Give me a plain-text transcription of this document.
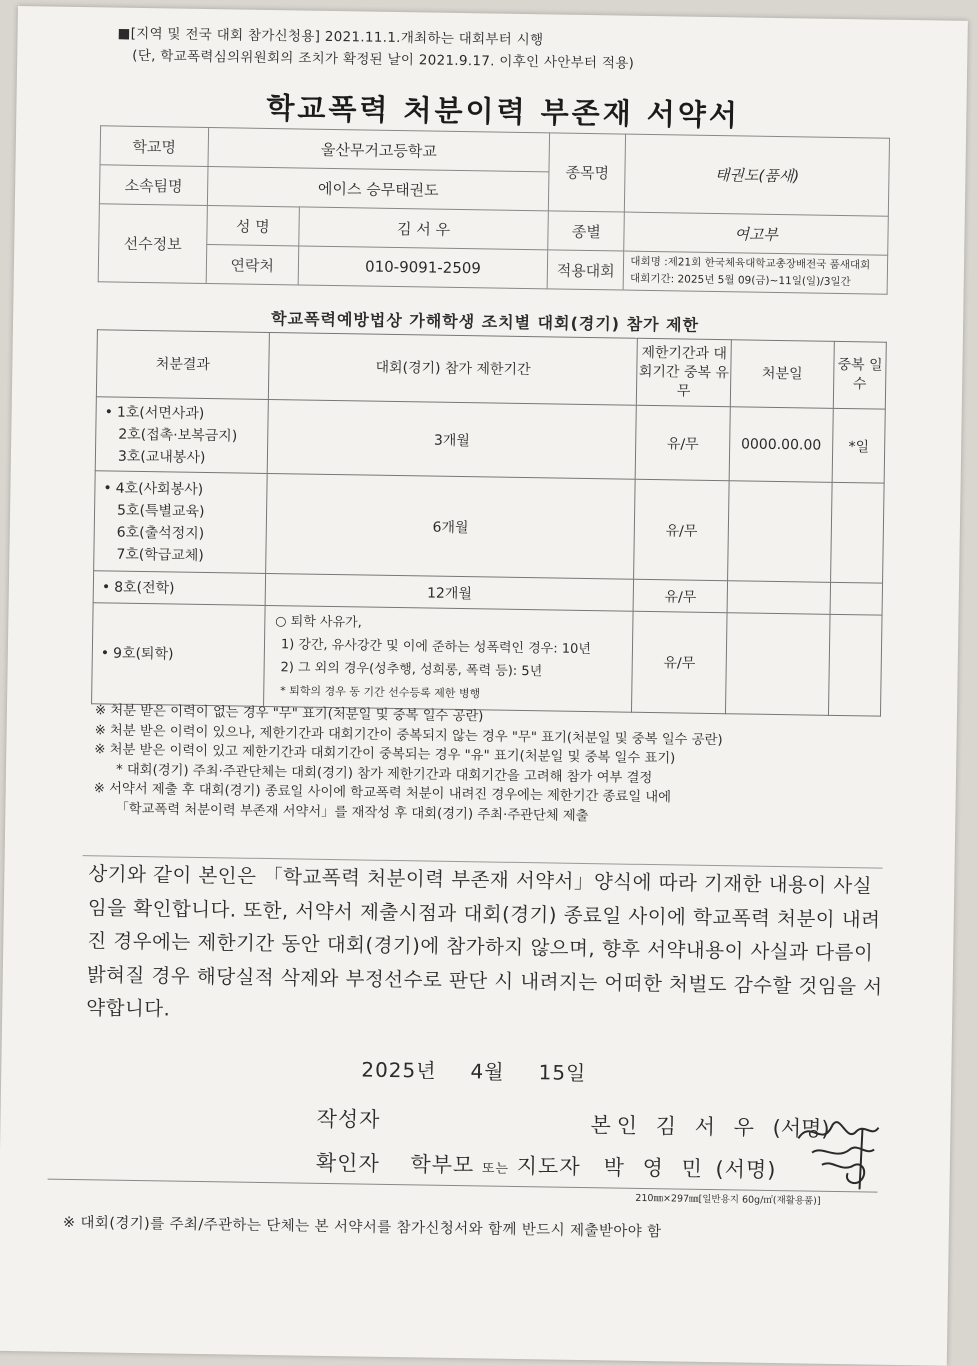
■[지역 및 전국 대회 참가신청용] 2021.11.1.개최하는 대회부터 시행
(단, 학교폭력심의위원회의 조치가 확정된 날이 2021.9.17. 이후인 사안부터 적용)
학교폭력 처분이력 부존재 서약서
학교명	울산무거고등학교		종목명	태권도(품새)
소속팀명	에이스 승무태권도			
선수정보	성 명	김 서 우	종별	여고부
	연락처	010-9091-2509	적용대회	대회명 :제21회 한국체육대학교총장배전국 품새대회
대회기간: 2025년 5월 09(금)~11일(일)/3일간
학교폭력예방법상 가해학생 조치별 대회(경기) 참가 제한
처분결과	대회(경기) 참가 제한기간	제한기간과 대회기간 중복 유무	처분일	중복 일수

• 1호(서면사과)
2호(접촉·보복금지)
3호(교내봉사)	3개월	유/무	0000.00.00	*일

• 4호(사회봉사)
5호(특별교육)
6호(출석정지)
7호(학급교체)	6개월	유/무		
• 8호(전학)	12개월	유/무		
• 9호(퇴학)	○ 퇴학 사유가,
1) 강간, 유사강간 및 이에 준하는 성폭력인 경우: 10년
2) 그 외의 경우(성추행, 성희롱, 폭력 등): 5년
* 퇴학의 경우 동 기간 선수등록 제한 병행	유/무		
※ 처분 받은 이력이 없는 경우 "무" 표기(처분일 및 중복 일수 공란)
※ 처분 받은 이력이 있으나, 제한기간과 대회기간이 중복되지 않는 경우 "무" 표기(처분일 및 중복 일수 공란)
※ 처분 받은 이력이 있고 제한기간과 대회기간이 중복되는 경우 "유" 표기(처분일 및 중복 일수 표기)
* 대회(경기) 주최·주관단체는 대회(경기) 참가 제한기간과 대회기간을 고려해 참가 여부 결정
※ 서약서 제출 후 대회(경기) 종료일 사이에 학교폭력 처분이 내려진 경우에는 제한기간 종료일 내에
「학교폭력 처분이력 부존재 서약서」를 재작성 후 대회(경기) 주최·주관단체 제출
상기와 같이 본인은 「학교폭력 처분이력 부존재 서약서」양식에 따라 기재한 내용이 사실임을 확인합니다. 또한, 서약서 제출시점과 대회(경기) 종료일 사이에 학교폭력 처분이 내려진 경우에는 제한기간 동안 대회(경기)에 참가하지 않으며, 향후 서약내용이 사실과 다름이 밝혀질 경우 해당실적 삭제와 부정선수로 판단 시 내려지는 어떠한 처벌도 감수할 것임을 서약합니다.
2025년 4월 15일
작성자	본인 김 서 우 (서명)
확인자 학부모 또는 지도자 박 영 민 (서명)
210㎜×297㎜[일반용지 60g/㎡(재활용품)]
※ 대회(경기)를 주최/주관하는 단체는 본 서약서를 참가신청서와 함께 반드시 제출받아야 함
